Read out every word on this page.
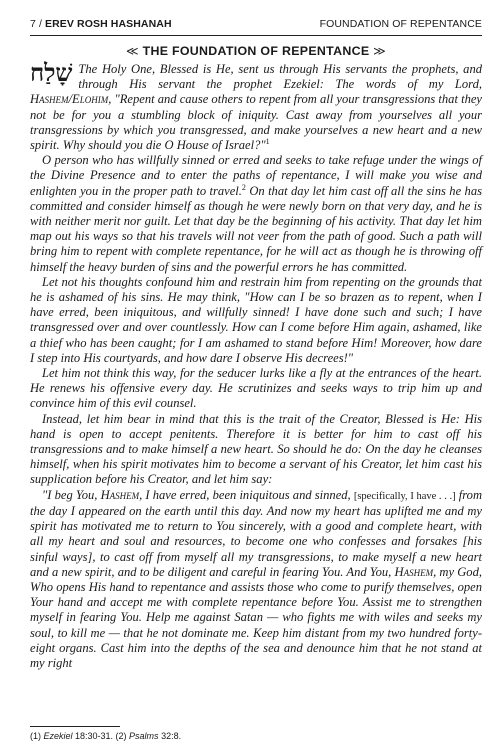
7 / EREV ROSH HASHANAH	FOUNDATION OF REPENTANCE
≪ THE FOUNDATION OF REPENTANCE ≫

שָׁלַח The Holy One, Blessed is He, sent us through His servants the prophets, and through His servant the prophet Ezekiel: The words of my Lord, Hashem/Elohim, "Repent and cause others to repent from all your transgressions that they not be for you a stumbling block of iniquity. Cast away from yourselves all your transgressions by which you transgressed, and make yourselves a new heart and a new spirit. Why should you die O House of Israel?"$^1$

O person who has willfully sinned or erred and seeks to take refuge under the wings of the Divine Presence and to enter the paths of repentance, I will make you wise and enlighten you in the proper path to travel.$^2$ On that day let him cast off all the sins he has committed and consider himself as though he were newly born on that very day, and he is with neither merit nor guilt. Let that day be the beginning of his activity. That day let him map out his ways so that his travels will not veer from the path of good. Such a path will bring him to repent with complete repentance, for he will act as though he is throwing off himself the heavy burden of sins and the powerful errors he has committed.

Let not his thoughts confound him and restrain him from repenting on the grounds that he is ashamed of his sins. He may think, "How can I be so brazen as to repent, when I have erred, been iniquitous, and willfully sinned! I have done such and such; I have transgressed over and over countlessly. How can I come before Him again, ashamed, like a thief who has been caught; for I am ashamed to stand before Him! Moreover, how dare I step into His courtyards, and how dare I observe His decrees!"

Let him not think this way, for the seducer lurks like a fly at the entrances of the heart. He renews his offensive every day. He scrutinizes and seeks ways to trip him up and convince him of this evil counsel.

Instead, let him bear in mind that this is the trait of the Creator, Blessed is He: His hand is open to accept penitents. Therefore it is better for him to cast off his transgressions and to make himself a new heart. So should he do: On the day he cleanses himself, when his spirit motivates him to become a servant of his Creator, let him cast his supplication before his Creator, and let him say:

"I beg You, Hashem, I have erred, been iniquitous and sinned, [specifically, I have . . .] from the day I appeared on the earth until this day. And now my heart has uplifted me and my spirit has motivated me to return to You sincerely, with a good and complete heart, with all my heart and soul and resources, to become one who confesses and forsakes [his sinful ways], to cast off from myself all my transgressions, to make myself a new heart and a new spirit, and to be diligent and careful in fearing You. And You, Hashem, my God, Who opens His hand to repentance and assists those who come to purify themselves, open Your hand and accept me with complete repentance before You. Assist me to strengthen myself in fearing You. Help me against Satan — who fights me with wiles and seeks my soul, to kill me — that he not dominate me. Keep him distant from my two hundred forty-eight organs. Cast him into the depths of the sea and denounce him that he not stand at my right

(1) Ezekiel 18:30-31. (2) Psalms 32:8.
